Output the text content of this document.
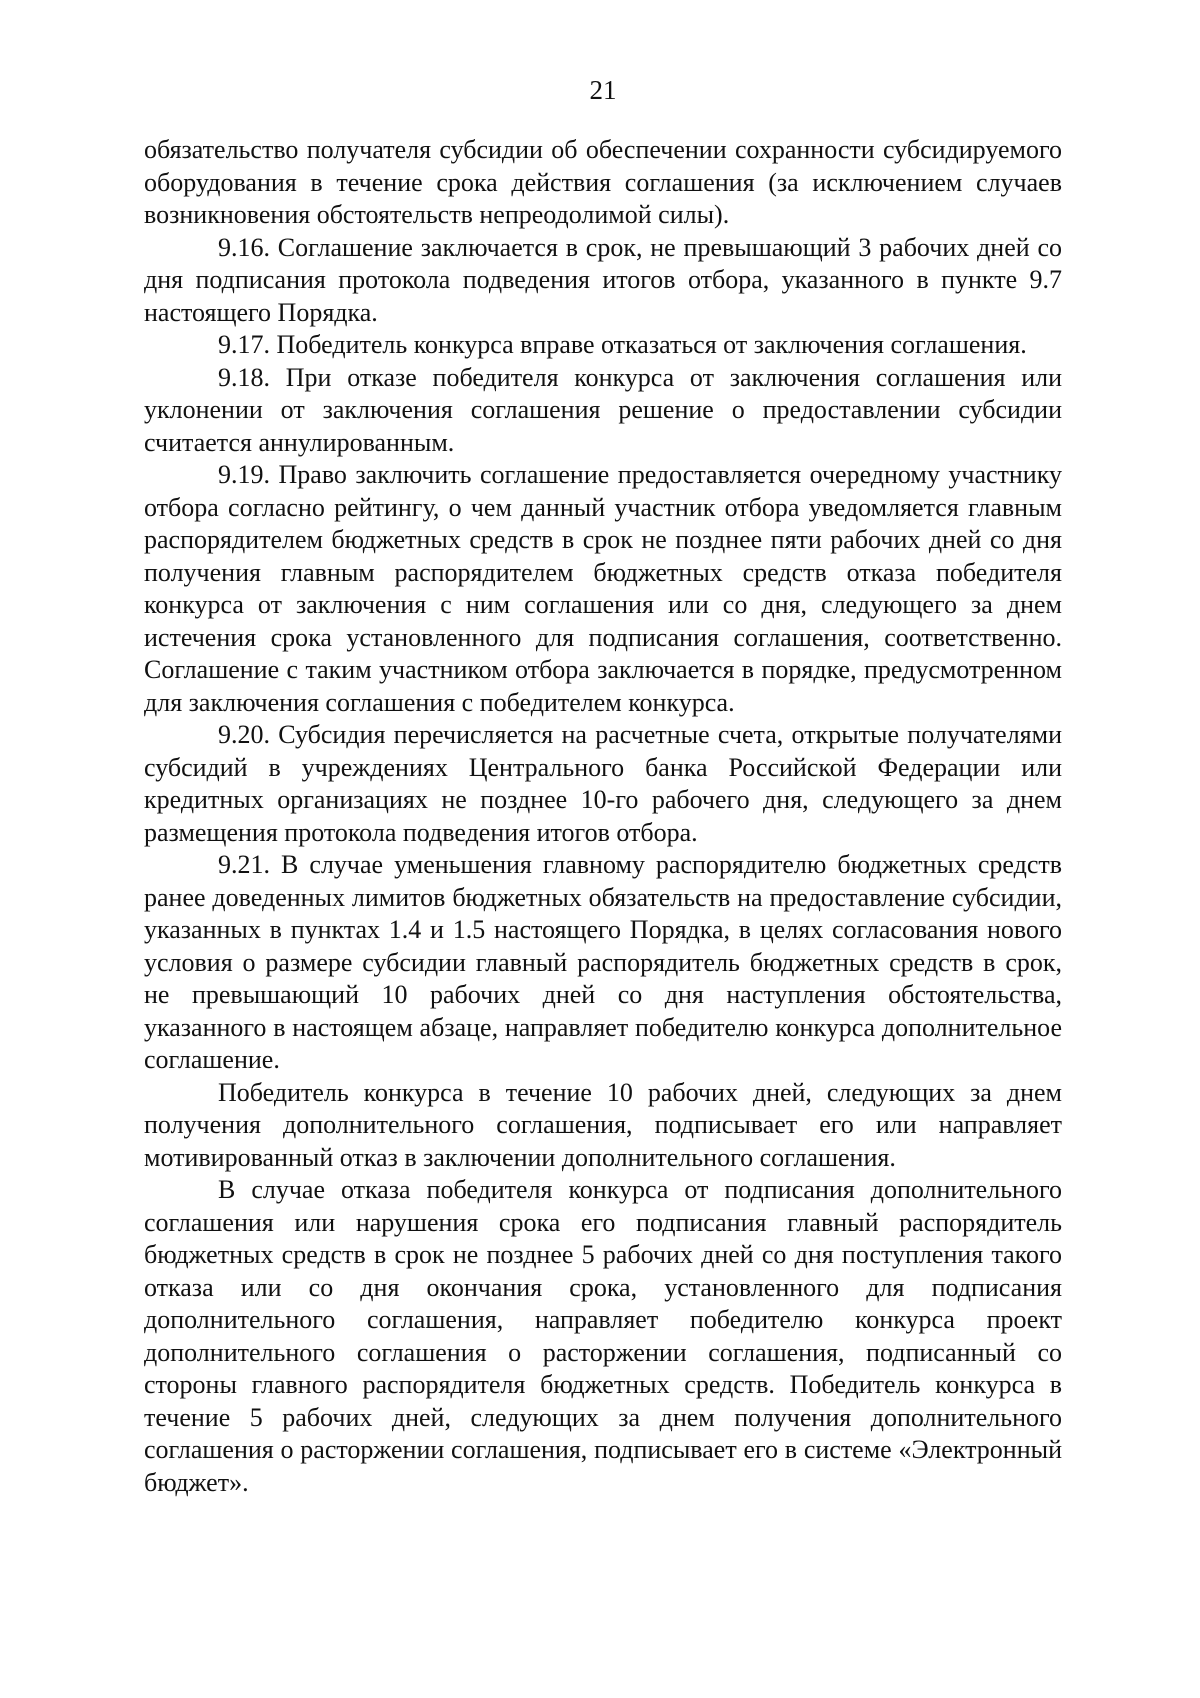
21

обязательство получателя субсидии об обеспечении сохранности субсидируемого оборудования в течение срока действия соглашения (за исключением случаев возникновения обстоятельств непреодолимой силы).

9.16. Соглашение заключается в срок, не превышающий 3 рабочих дней со дня подписания протокола подведения итогов отбора, указанного в пункте 9.7 настоящего Порядка.

9.17. Победитель конкурса вправе отказаться от заключения соглашения.

9.18. При отказе победителя конкурса от заключения соглашения или уклонении от заключения соглашения решение о предоставлении субсидии считается аннулированным.

9.19. Право заключить соглашение предоставляется очередному участнику отбора согласно рейтингу, о чем данный участник отбора уведомляется главным распорядителем бюджетных средств в срок не позднее пяти рабочих дней со дня получения главным распорядителем бюджетных средств отказа победителя конкурса от заключения с ним соглашения или со дня, следующего за днем истечения срока установленного для подписания соглашения, соответственно. Соглашение с таким участником отбора заключается в порядке, предусмотренном для заключения соглашения с победителем конкурса.

9.20. Субсидия перечисляется на расчетные счета, открытые получателями субсидий в учреждениях Центрального банка Российской Федерации или кредитных организациях не позднее 10-го рабочего дня, следующего за днем размещения протокола подведения итогов отбора.

9.21. В случае уменьшения главному распорядителю бюджетных средств ранее доведенных лимитов бюджетных обязательств на предоставление субсидии, указанных в пунктах 1.4 и 1.5 настоящего Порядка, в целях согласования нового условия о размере субсидии главный распорядитель бюджетных средств в срок, не превышающий 10 рабочих дней со дня наступления обстоятельства, указанного в настоящем абзаце, направляет победителю конкурса дополнительное соглашение.

Победитель конкурса в течение 10 рабочих дней, следующих за днем получения дополнительного соглашения, подписывает его или направляет мотивированный отказ в заключении дополнительного соглашения.

В случае отказа победителя конкурса от подписания дополнительного соглашения или нарушения срока его подписания главный распорядитель бюджетных средств в срок не позднее 5 рабочих дней со дня поступления такого отказа или со дня окончания срока, установленного для подписания дополнительного соглашения, направляет победителю конкурса проект дополнительного соглашения о расторжении соглашения, подписанный со стороны главного распорядителя бюджетных средств. Победитель конкурса в течение 5 рабочих дней, следующих за днем получения дополнительного соглашения о расторжении соглашения, подписывает его в системе «Электронный бюджет».
